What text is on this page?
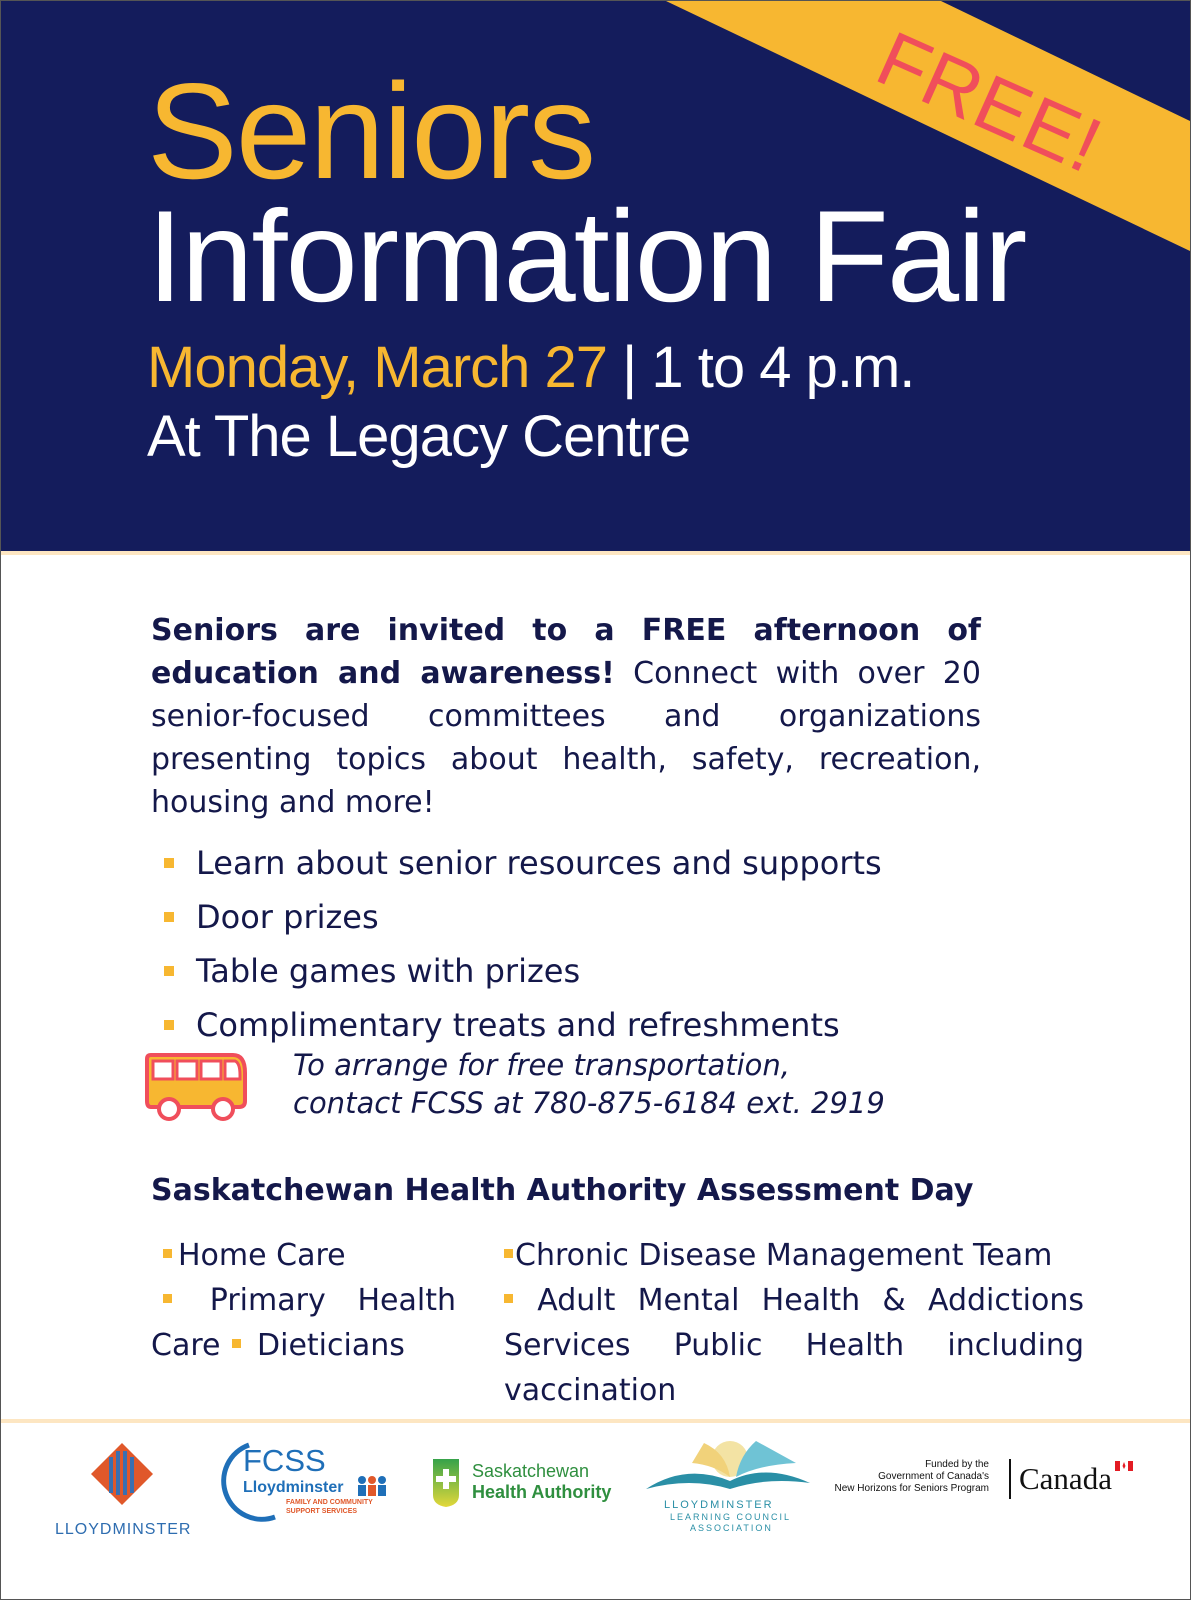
FREE!
Seniors
Information Fair
Monday, March 27 | 1 to 4 p.m.
At The Legacy Centre
Seniors are invited to a FREE afternoon of education and awareness! Connect with over 20 senior-focused committees and organizations presenting topics about health, safety, recreation, housing and more!
Learn about senior resources and supports
Door prizes
Table games with prizes
Complimentary treats and refreshments
To arrange for free transportation,
contact FCSS at 780-875-6184 ext. 2919
Saskatchewan Health Authority Assessment Day
Home Care
Primary Health
Care Dieticians
Chronic Disease Management Team
Adult Mental Health & Addictions
Services Public Health including
vaccination
LLOYDMINSTER
FCSS
Lloydminster
FAMILY AND COMMUNITY
SUPPORT SERVICES
Saskatchewan
Health Authority
LLOYDMINSTER
LEARNING COUNCIL
ASSOCIATION
Funded by the
Government of Canada's
New Horizons for Seniors Program Canada
